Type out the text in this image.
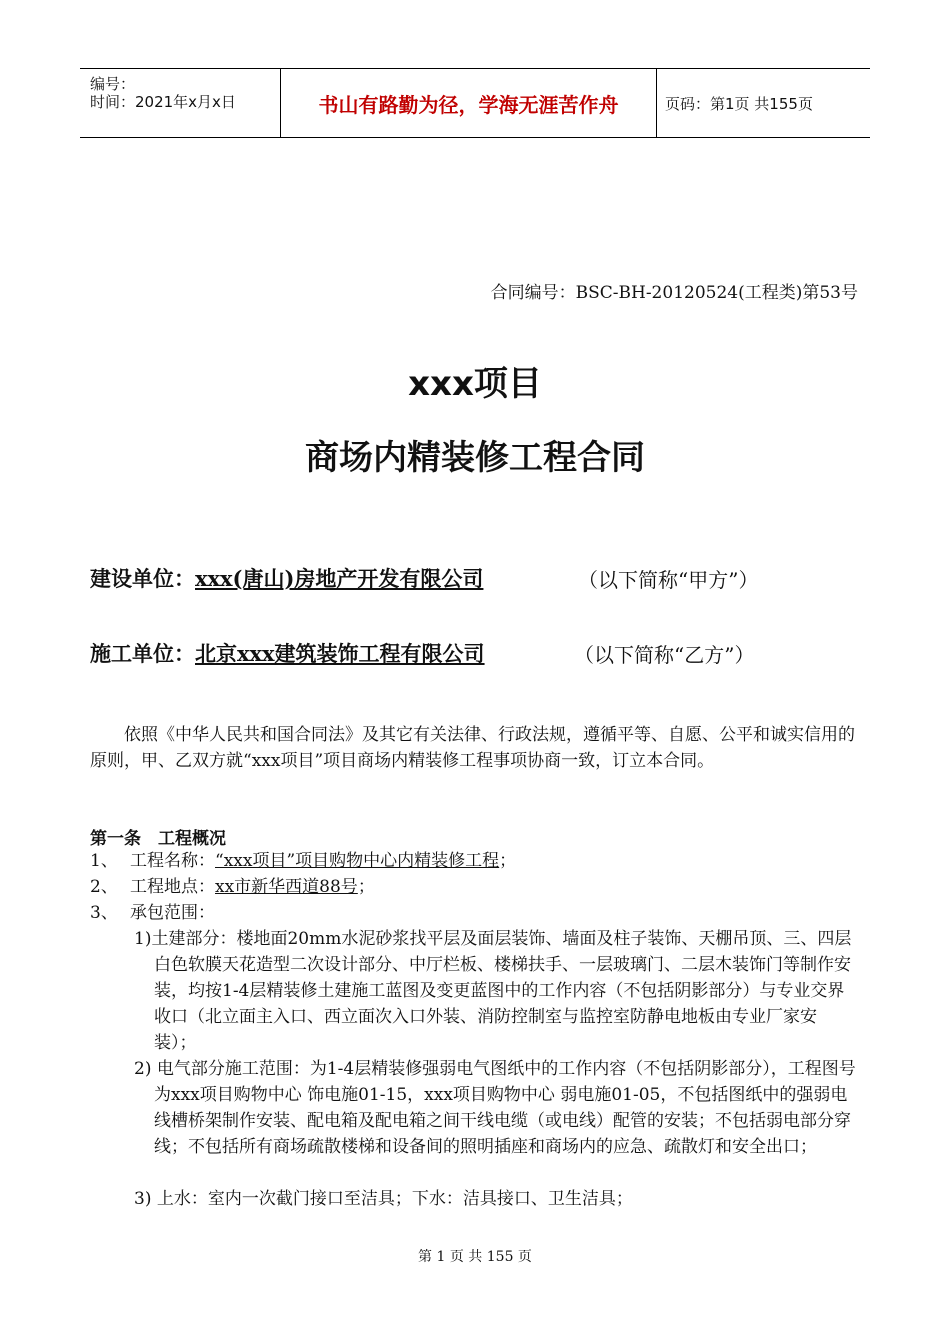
编号：
时间：2021年x月x日	书山有路勤为径，学海无涯苦作舟	页码：第1页 共155页
合同编号：BSC-BH-20120524(工程类)第53号
xxx项目
商场内精装修工程合同
建设单位：xxx(唐山)房地产开发有限公司	（以下简称“甲方”）
施工单位：北京xxx建筑装饰工程有限公司	（以下简称“乙方”）
依照《中华人民共和国合同法》及其它有关法律、行政法规，遵循平等、自愿、公平和诚实信用的原则，甲、乙双方就“xxx项目”项目商场内精装修工程事项协商一致，订立本合同。
第一条　工程概况
1、 工程名称：“xxx项目”项目购物中心内精装修工程；
2、 工程地点：xx市新华西道88号；
3、 承包范围：
1)土建部分：楼地面20mm水泥砂浆找平层及面层装饰、墙面及柱子装饰、天棚吊顶、三、四层白色软膜天花造型二次设计部分、中厅栏板、楼梯扶手、一层玻璃门、二层木装饰门等制作安装，均按1-4层精装修土建施工蓝图及变更蓝图中的工作内容（不包括阴影部分）与专业交界收口（北立面主入口、西立面次入口外装、消防控制室与监控室防静电地板由专业厂家安装）；
2) 电气部分施工范围：为1-4层精装修强弱电气图纸中的工作内容（不包括阴影部分），工程图号为xxx项目购物中心 饰电施01-15，xxx项目购物中心 弱电施01-05，不包括图纸中的强弱电线槽桥架制作安装、配电箱及配电箱之间干线电缆（或电线）配管的安装；不包括弱电部分穿线；不包括所有商场疏散楼梯和设备间的照明插座和商场内的应急、疏散灯和安全出口；
3) 上水：室内一次截门接口至洁具；下水：洁具接口、卫生洁具；
第 1 页 共 155 页
